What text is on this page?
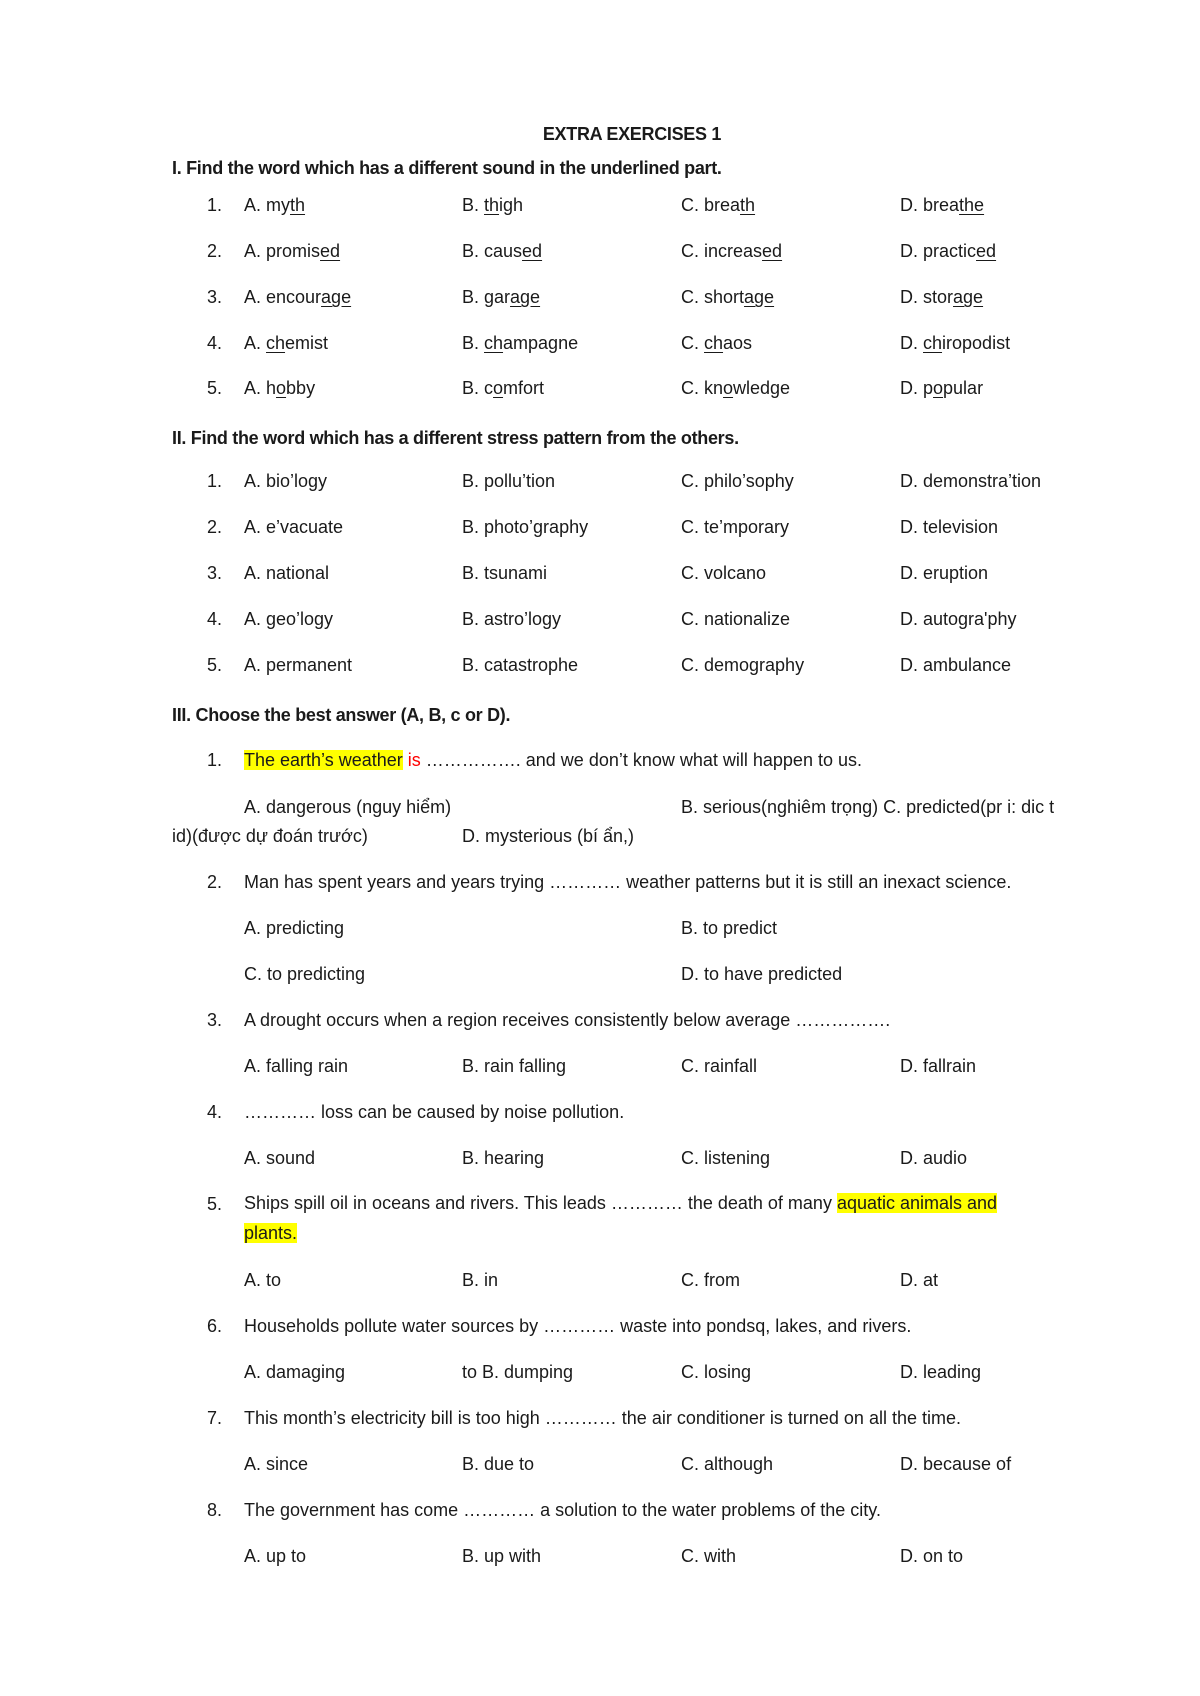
EXTRA EXERCISES 1
I. Find the word which has a different sound in the underlined part.
1. A. myth	B. thigh	C. breath	D. breathe
2. A. promised	B. caused	C. increased	D. practiced
3. A. encourage	B. garage	C. shortage	D. storage
4. A. chemist	B. champagne	C. chaos	D. chiropodist
5. A. hobby	B. comfort	C. knowledge	D. popular
II. Find the word which has a different stress pattern from the others.
1. A. bio’logy	B. pollu’tion	C. philo’sophy	D. demonstra’tion
2. A. e’vacuate	B. photo’graphy	C. te’mporary	D. television
3. A. national	B. tsunami	C. volcano	D. eruption
4. A. geo’logy	B. astro’logy	C. nationalize	D. autogra'phy
5. A. permanent	B. catastrophe	C. demography	D. ambulance
III. Choose the best answer (A, B, c or D).
1. The earth’s weather is ……………. and we don’t know what will happen to us.
A. dangerous (nguy hiểm)	B. serious(nghiêm trọng) C. predicted(pr i: dic t
id)(được dự đoán trước)	D. mysterious (bí ẩn,)
2. Man has spent years and years trying ………… weather patterns but it is still an inexact science.
A. predicting	B. to predict
C. to predicting	D. to have predicted
3. A drought occurs when a region receives consistently below average …………….
A. falling rain	B. rain falling	C. rainfall	D. fallrain
4. ………… loss can be caused by noise pollution.
A. sound	B. hearing	C. listening	D. audio
5. Ships spill oil in oceans and rivers. This leads ………… the death of many aquatic animals and
plants.
A. to	B. in	C. from	D. at
6. Households pollute water sources by ………… waste into pondsq, lakes, and rivers.
A. damaging	to B. dumping	C. losing	D. leading
7. This month’s electricity bill is too high ………… the air conditioner is turned on all the time.
A. since	B. due to	C. although	D. because of
8. The government has come ………… a solution to the water problems of the city.
A. up to	B. up with	C. with	D. on to
